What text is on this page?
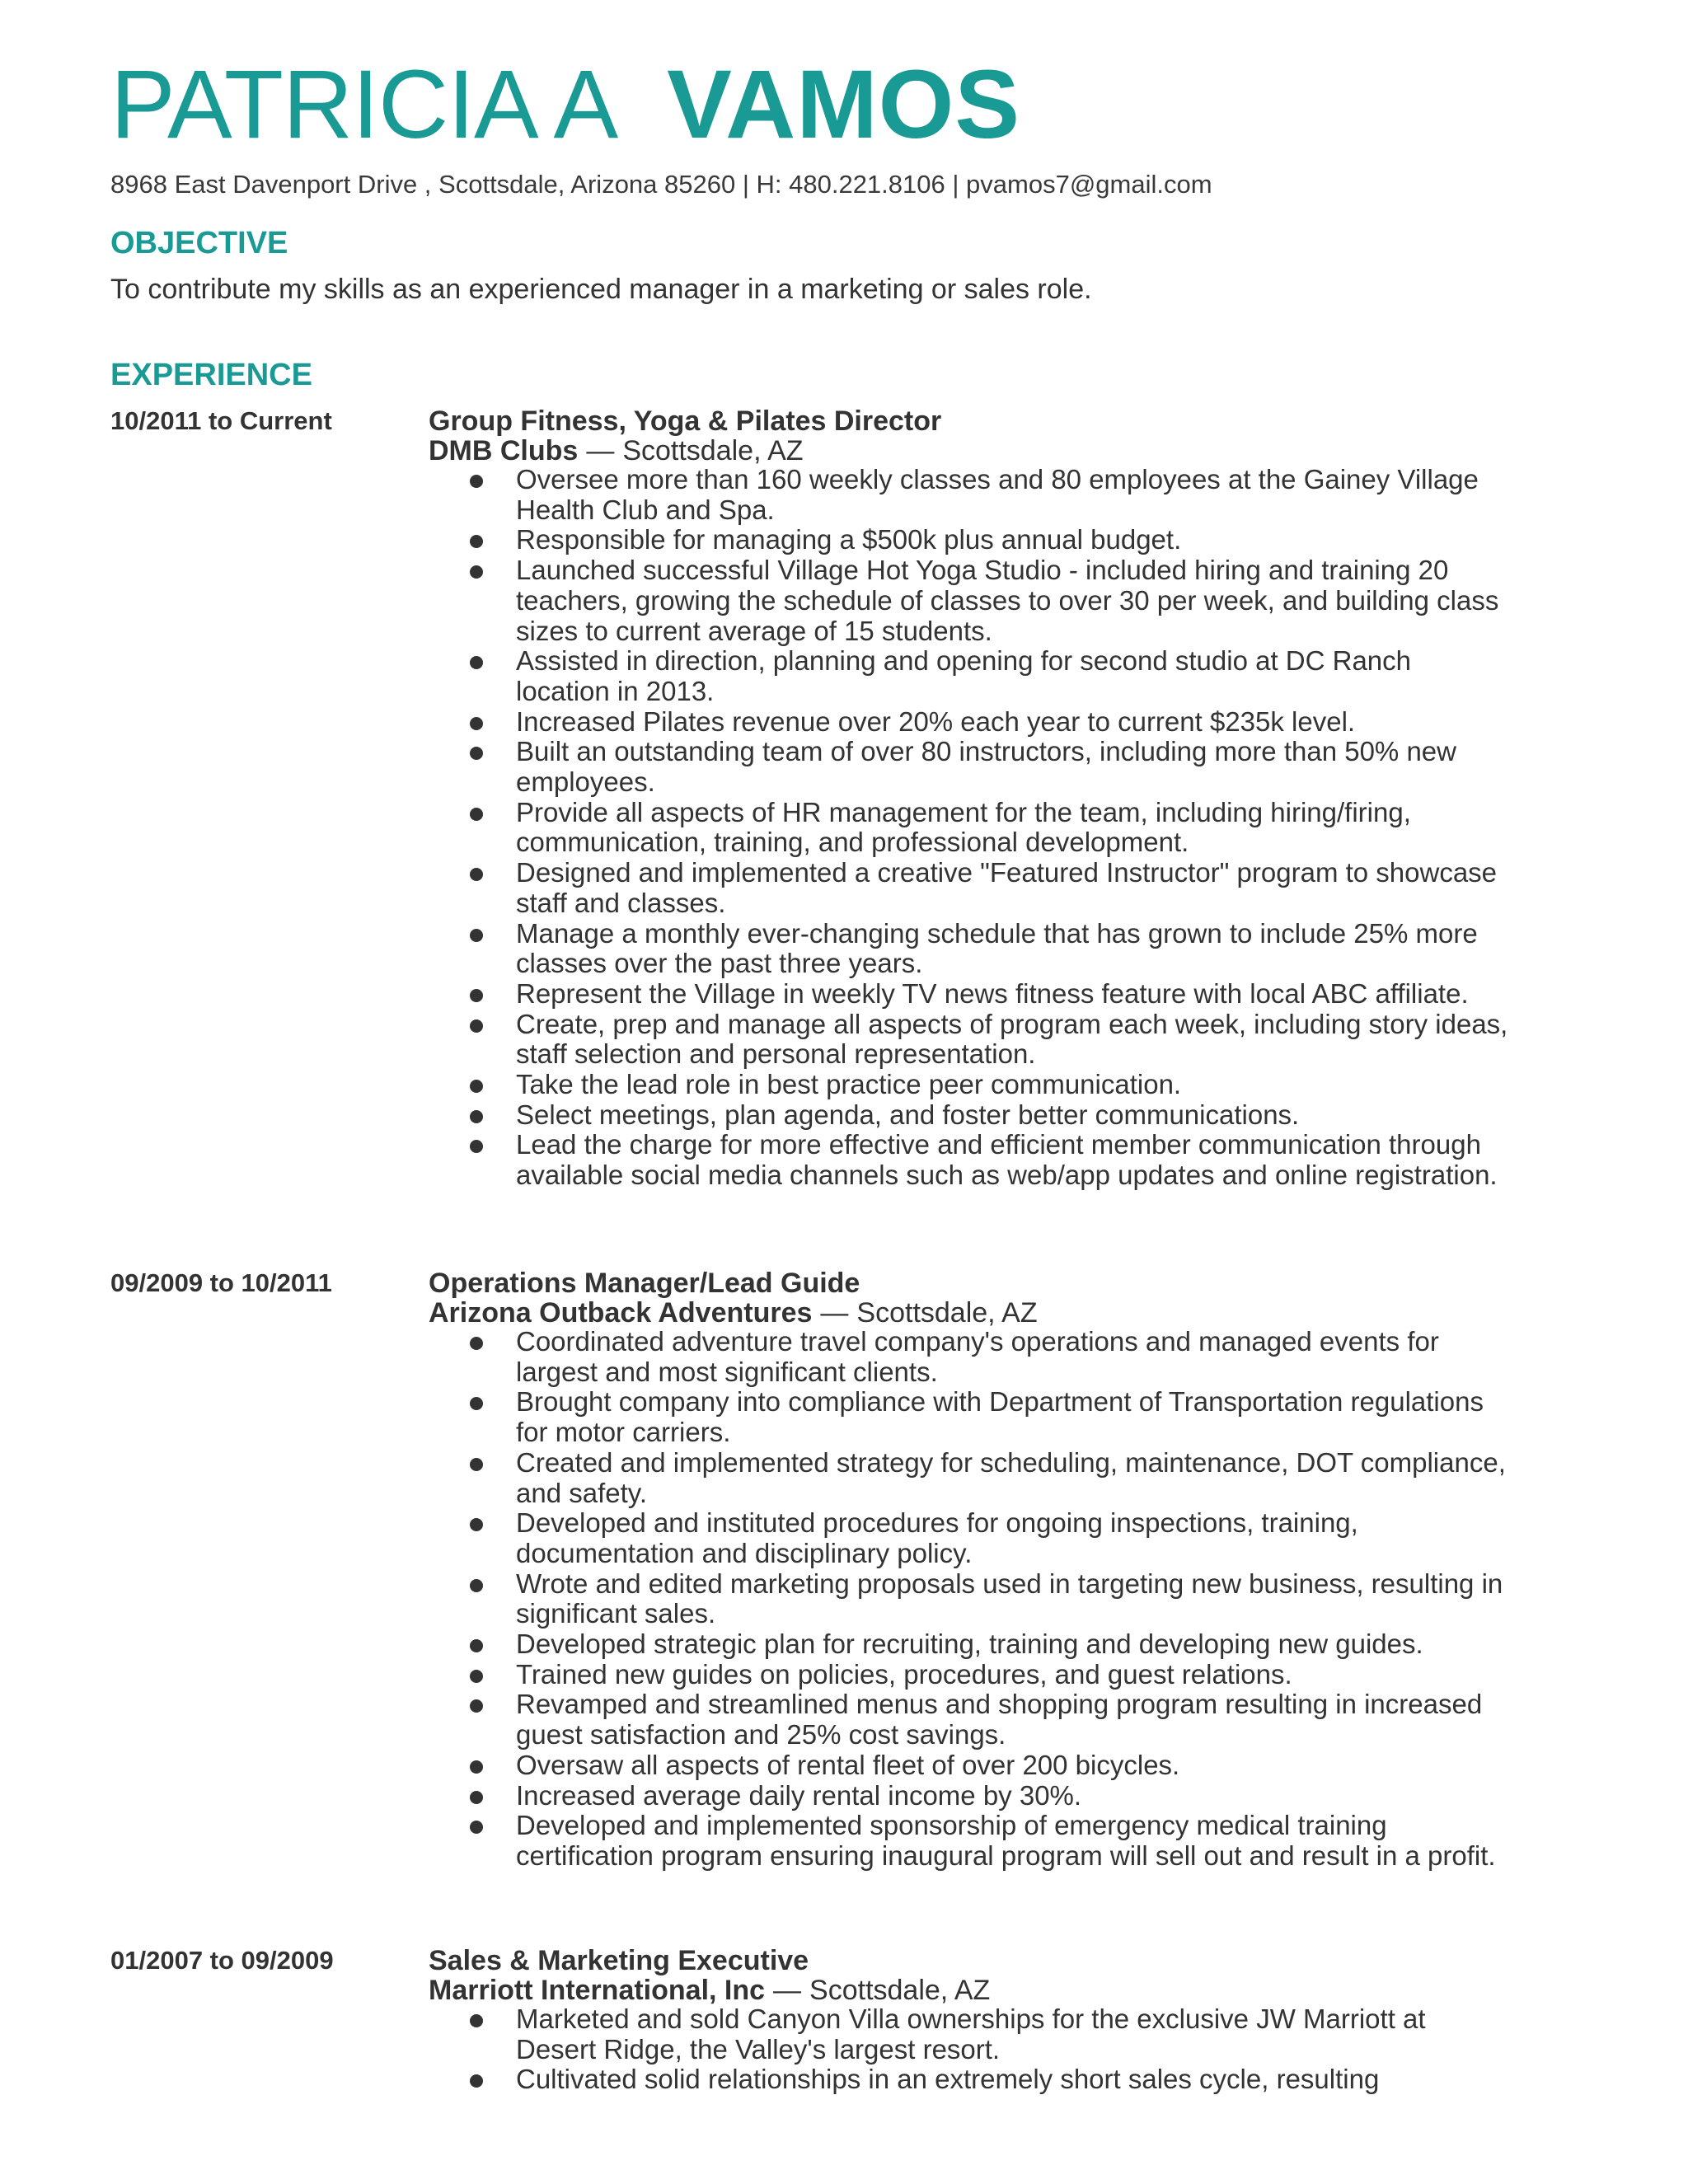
PATRICIA A VAMOS
8968 East Davenport Drive , Scottsdale, Arizona 85260 | H: 480.221.8106 | pvamos7@gmail.com
OBJECTIVE
To contribute my skills as an experienced manager in a marketing or sales role.
EXPERIENCE
10/2011 to Current	Group Fitness, Yoga & Pilates Director
DMB Clubs — Scottsdale, AZ
Oversee more than 160 weekly classes and 80 employees at the Gainey Village Health Club and Spa.
Responsible for managing a $500k plus annual budget.
Launched successful Village Hot Yoga Studio - included hiring and training 20 teachers, growing the schedule of classes to over 30 per week, and building class sizes to current average of 15 students.
Assisted in direction, planning and opening for second studio at DC Ranch location in 2013.
Increased Pilates revenue over 20% each year to current $235k level.
Built an outstanding team of over 80 instructors, including more than 50% new employees.
Provide all aspects of HR management for the team, including hiring/firing, communication, training, and professional development.
Designed and implemented a creative "Featured Instructor" program to showcase staff and classes.
Manage a monthly ever-changing schedule that has grown to include 25% more classes over the past three years.
Represent the Village in weekly TV news fitness feature with local ABC affiliate.
Create, prep and manage all aspects of program each week, including story ideas, staff selection and personal representation.
Take the lead role in best practice peer communication.
Select meetings, plan agenda, and foster better communications.
Lead the charge for more effective and efficient member communication through available social media channels such as web/app updates and online registration.
09/2009 to 10/2011	Operations Manager/Lead Guide
Arizona Outback Adventures — Scottsdale, AZ
Coordinated adventure travel company's operations and managed events for largest and most significant clients.
Brought company into compliance with Department of Transportation regulations for motor carriers.
Created and implemented strategy for scheduling, maintenance, DOT compliance, and safety.
Developed and instituted procedures for ongoing inspections, training, documentation and disciplinary policy.
Wrote and edited marketing proposals used in targeting new business, resulting in significant sales.
Developed strategic plan for recruiting, training and developing new guides.
Trained new guides on policies, procedures, and guest relations.
Revamped and streamlined menus and shopping program resulting in increased guest satisfaction and 25% cost savings.
Oversaw all aspects of rental fleet of over 200 bicycles.
Increased average daily rental income by 30%.
Developed and implemented sponsorship of emergency medical training certification program ensuring inaugural program will sell out and result in a profit.
01/2007 to 09/2009	Sales & Marketing Executive
Marriott International, Inc — Scottsdale, AZ
Marketed and sold Canyon Villa ownerships for the exclusive JW Marriott at Desert Ridge, the Valley's largest resort.
Cultivated solid relationships in an extremely short sales cycle, resulting
